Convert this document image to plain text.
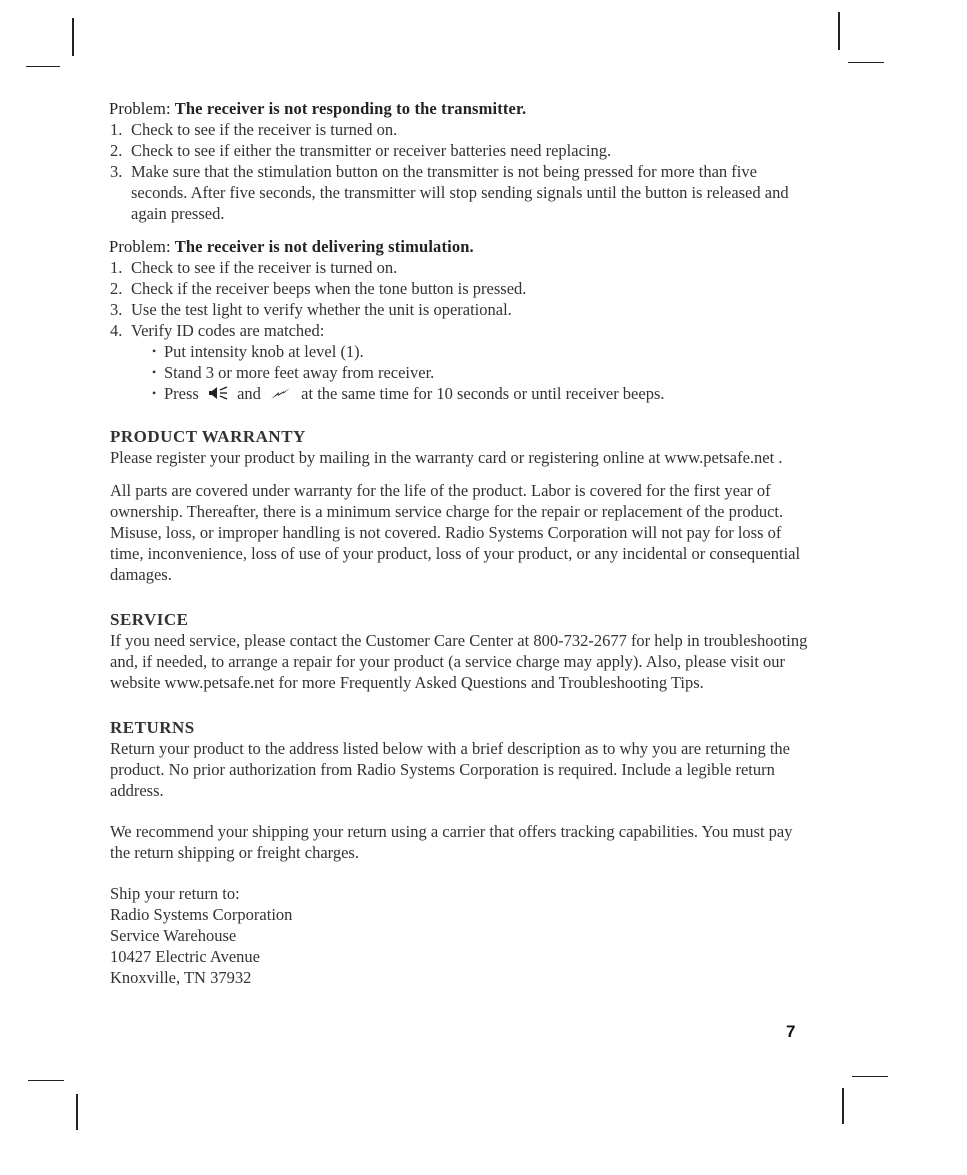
Problem: The receiver is not responding to the transmitter.
1. Check to see if the receiver is turned on.
2. Check to see if either the transmitter or receiver batteries need replacing.
3. Make sure that the stimulation button on the transmitter is not being pressed for more than five seconds. After five seconds, the transmitter will stop sending signals until the button is released and again pressed.
Problem: The receiver is not delivering stimulation.
1. Check to see if the receiver is turned on.
2. Check if the receiver beeps when the tone button is pressed.
3. Use the test light to verify whether the unit is operational.
4. Verify ID codes are matched:
• Put intensity knob at level (1).
• Stand 3 or more feet away from receiver.
• Press and at the same time for 10 seconds or until receiver beeps.
PRODUCT WARRANTY

Please register your product by mailing in the warranty card or registering online at www.petsafe.net .

All parts are covered under warranty for the life of the product. Labor is covered for the first year of ownership. Thereafter, there is a minimum service charge for the repair or replacement of the product. Misuse, loss, or improper handling is not covered. Radio Systems Corporation will not pay for loss of time, inconvenience, loss of use of your product, loss of your product, or any incidental or consequential damages.

SERVICE

If you need service, please contact the Customer Care Center at 800-732-2677 for help in troubleshooting and, if needed, to arrange a repair for your product (a service charge may apply). Also, please visit our website www.petsafe.net for more Frequently Asked Questions and Troubleshooting Tips.

RETURNS

Return your product to the address listed below with a brief description as to why you are returning the product. No prior authorization from Radio Systems Corporation is required. Include a legible return address.

We recommend your shipping your return using a carrier that offers tracking capabilities. You must pay the return shipping or freight charges.

Ship your return to:

Radio Systems Corporation

Service Warehouse

10427 Electric Avenue

Knoxville, TN 37932

7
